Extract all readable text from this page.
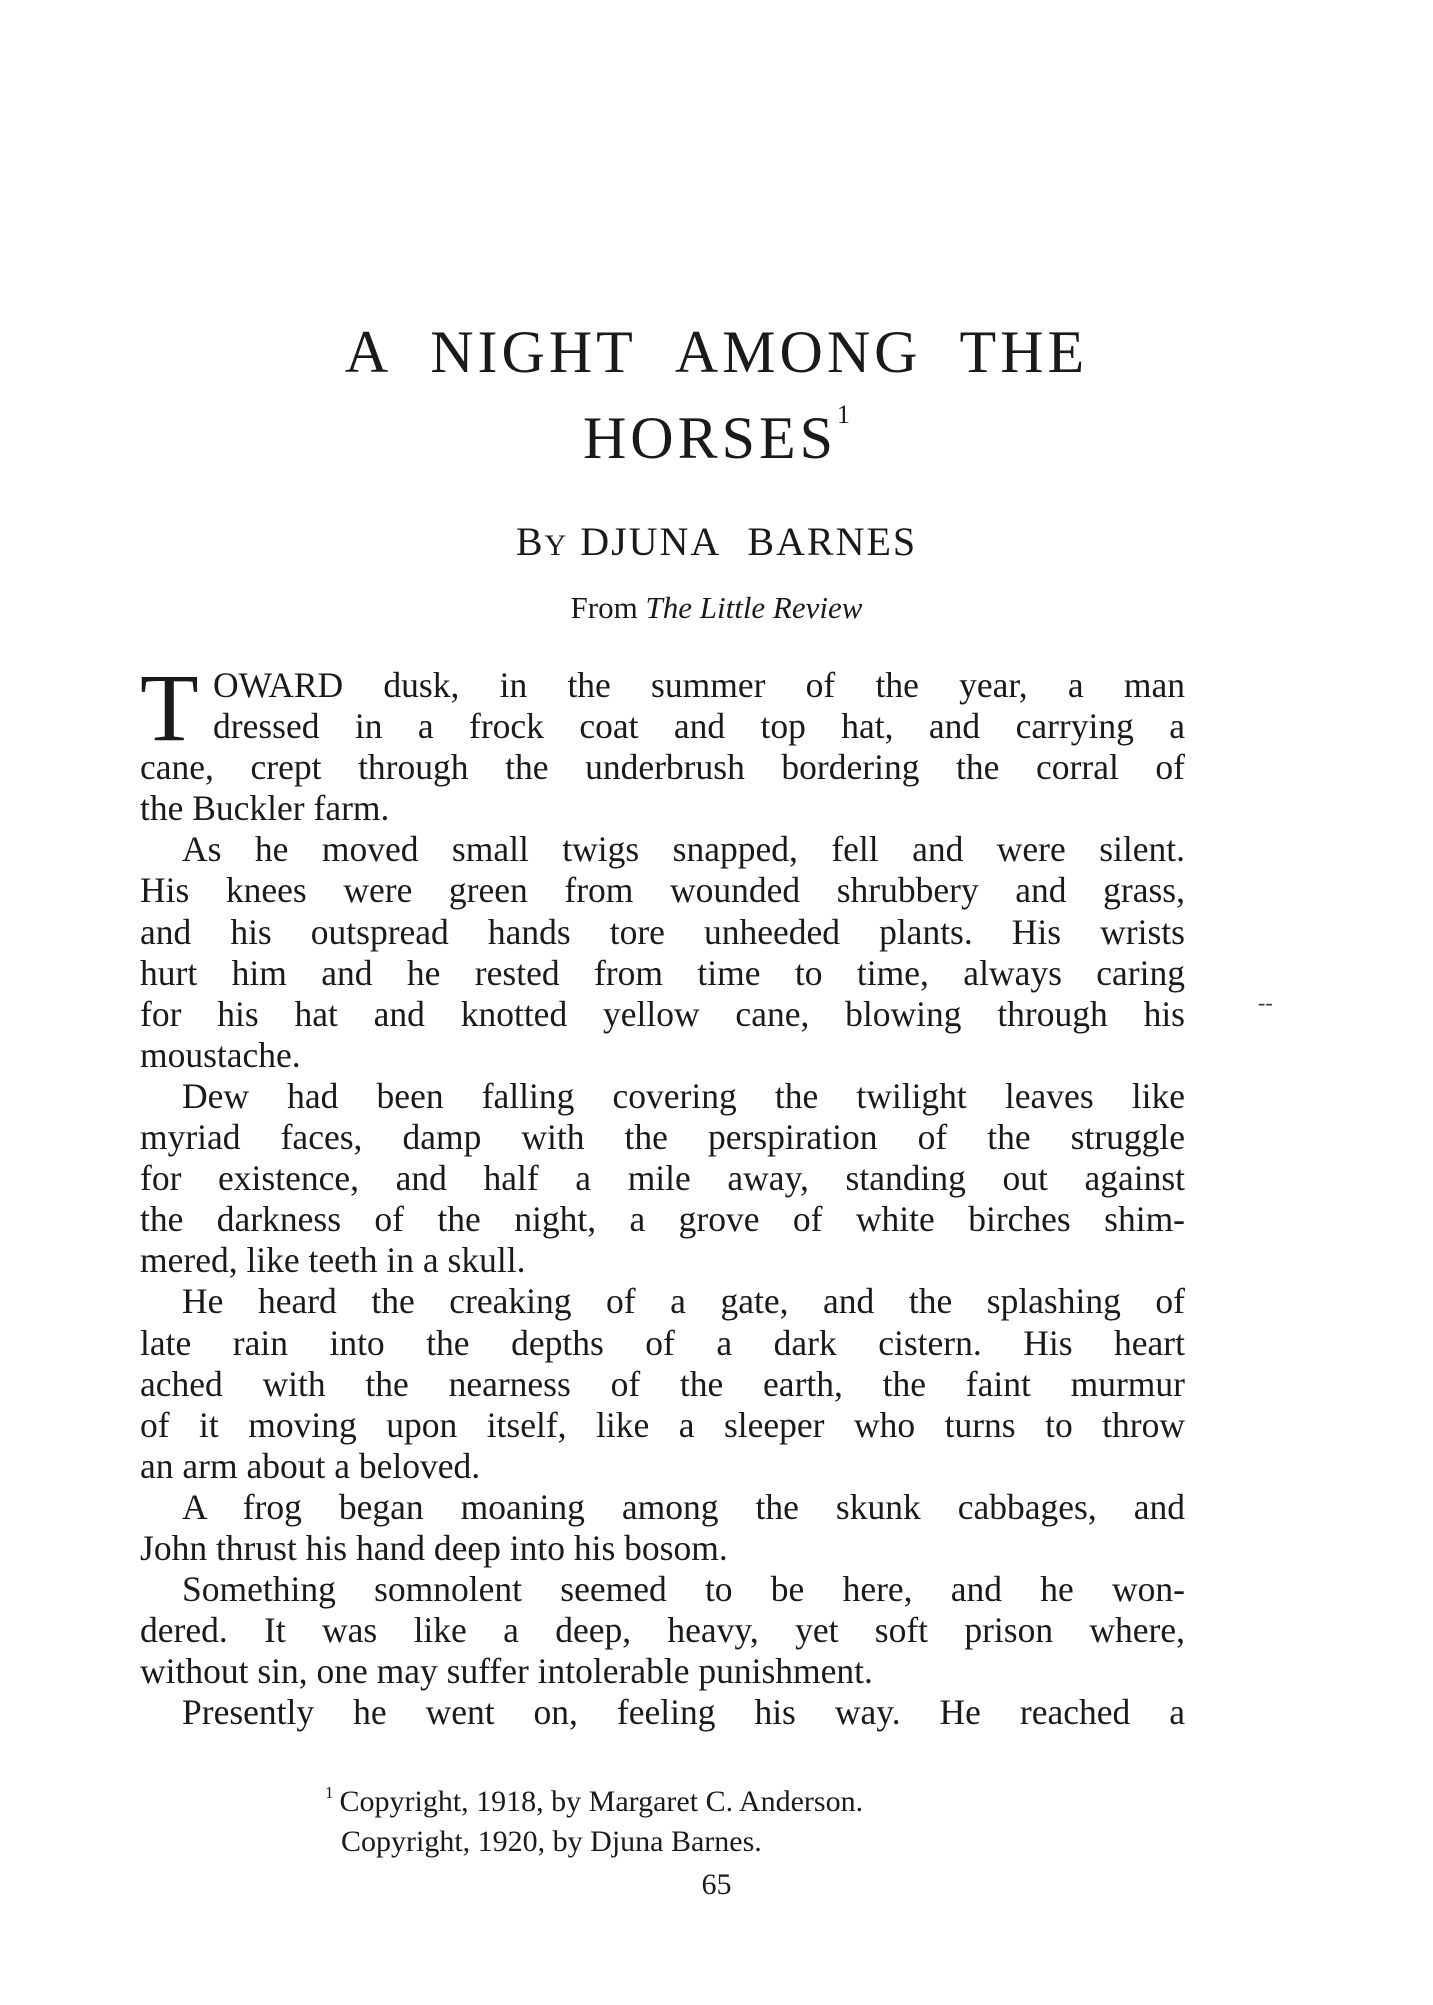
A NIGHT AMONG THE
HORSES$^1$
BY DJUNA BARNES
From The Little Review
T OWARD dusk, in the summer of the year, a man
dressed in a frock coat and top hat, and carrying a
cane, crept through the underbrush bordering the corral of
the Buckler farm.
As he moved small twigs snapped, fell and were silent.
His knees were green from wounded shrubbery and grass,
and his outspread hands tore unheeded plants. His wrists
hurt him and he rested from time to time, always caring
for his hat and knotted yellow cane, blowing through his
moustache.
Dew had been falling covering the twilight leaves like
myriad faces, damp with the perspiration of the struggle
for existence, and half a mile away, standing out against
the darkness of the night, a grove of white birches shim-
mered, like teeth in a skull.
He heard the creaking of a gate, and the splashing of
late rain into the depths of a dark cistern. His heart
ached with the nearness of the earth, the faint murmur
of it moving upon itself, like a sleeper who turns to throw
an arm about a beloved.
A frog began moaning among the skunk cabbages, and
John thrust his hand deep into his bosom.
Something somnolent seemed to be here, and he won-
dered. It was like a deep, heavy, yet soft prison where,
without sin, one may suffer intolerable punishment.
Presently he went on, feeling his way. He reached a
--
$^1$ Copyright, 1918, by Margaret C. Anderson.
Copyright, 1920, by Djuna Barnes.
65
